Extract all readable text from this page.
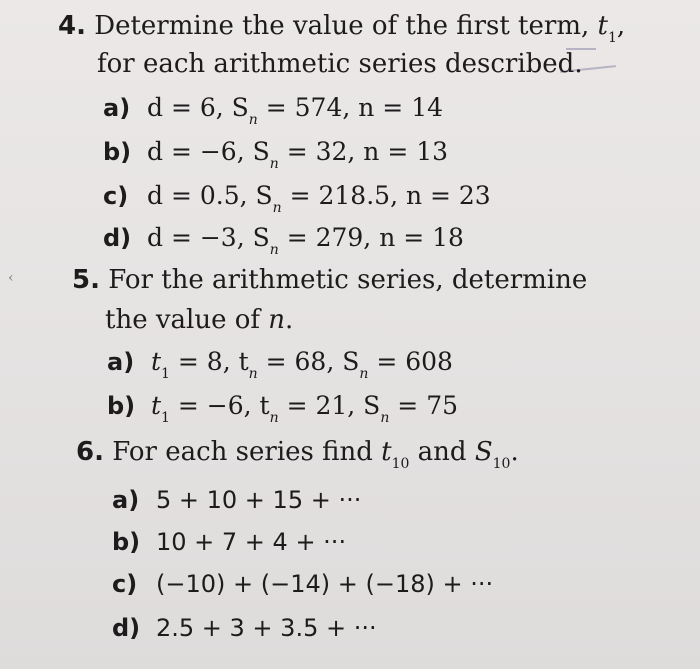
4. Determine the value of the first term, $t_1$,
for each arithmetic series described.
a) d = 6, $S_n = 574$, n = 14
b) d = −6, $S_n = 32$, n = 13
c) d = 0.5, $S_n = 218.5$, n = 23
d) d = −3, $S_n = 279$, n = 18
‹ 5. For the arithmetic series, determine
the value of n.
a) $t_1 = 8$, $t_n = 68$, $S_n = 608$
b) $t_1 = -6$, $t_n = 21$, $S_n = 75$
6. For each series find $t_{10}$ and $S_{10}$.
a) 5 + 10 + 15 + ···
b) 10 + 7 + 4 + ···
c) (−10) + (−14) + (−18) + ···
d) 2.5 + 3 + 3.5 + ···
